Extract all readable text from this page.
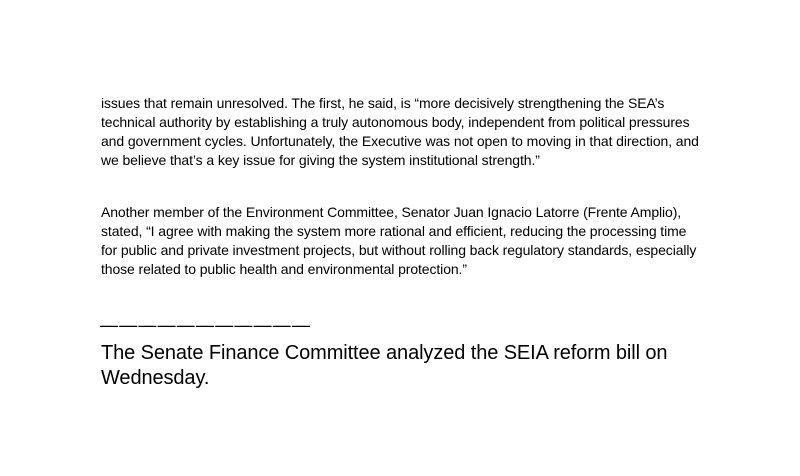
issues that remain unresolved. The first, he said, is “more decisively strengthening the SEA’s technical authority by establishing a truly autonomous body, independent from political pressures and government cycles. Unfortunately, the Executive was not open to moving in that direction, and we believe that’s a key issue for giving the system institutional strength.”

Another member of the Environment Committee, Senator Juan Ignacio Latorre (Frente Amplio), stated, “I agree with making the system more rational and efficient, reducing the processing time for public and private investment projects, but without rolling back regulatory standards, especially those related to public health and environmental protection.”

———————————

The Senate Finance Committee analyzed the SEIA reform bill on Wednesday.
